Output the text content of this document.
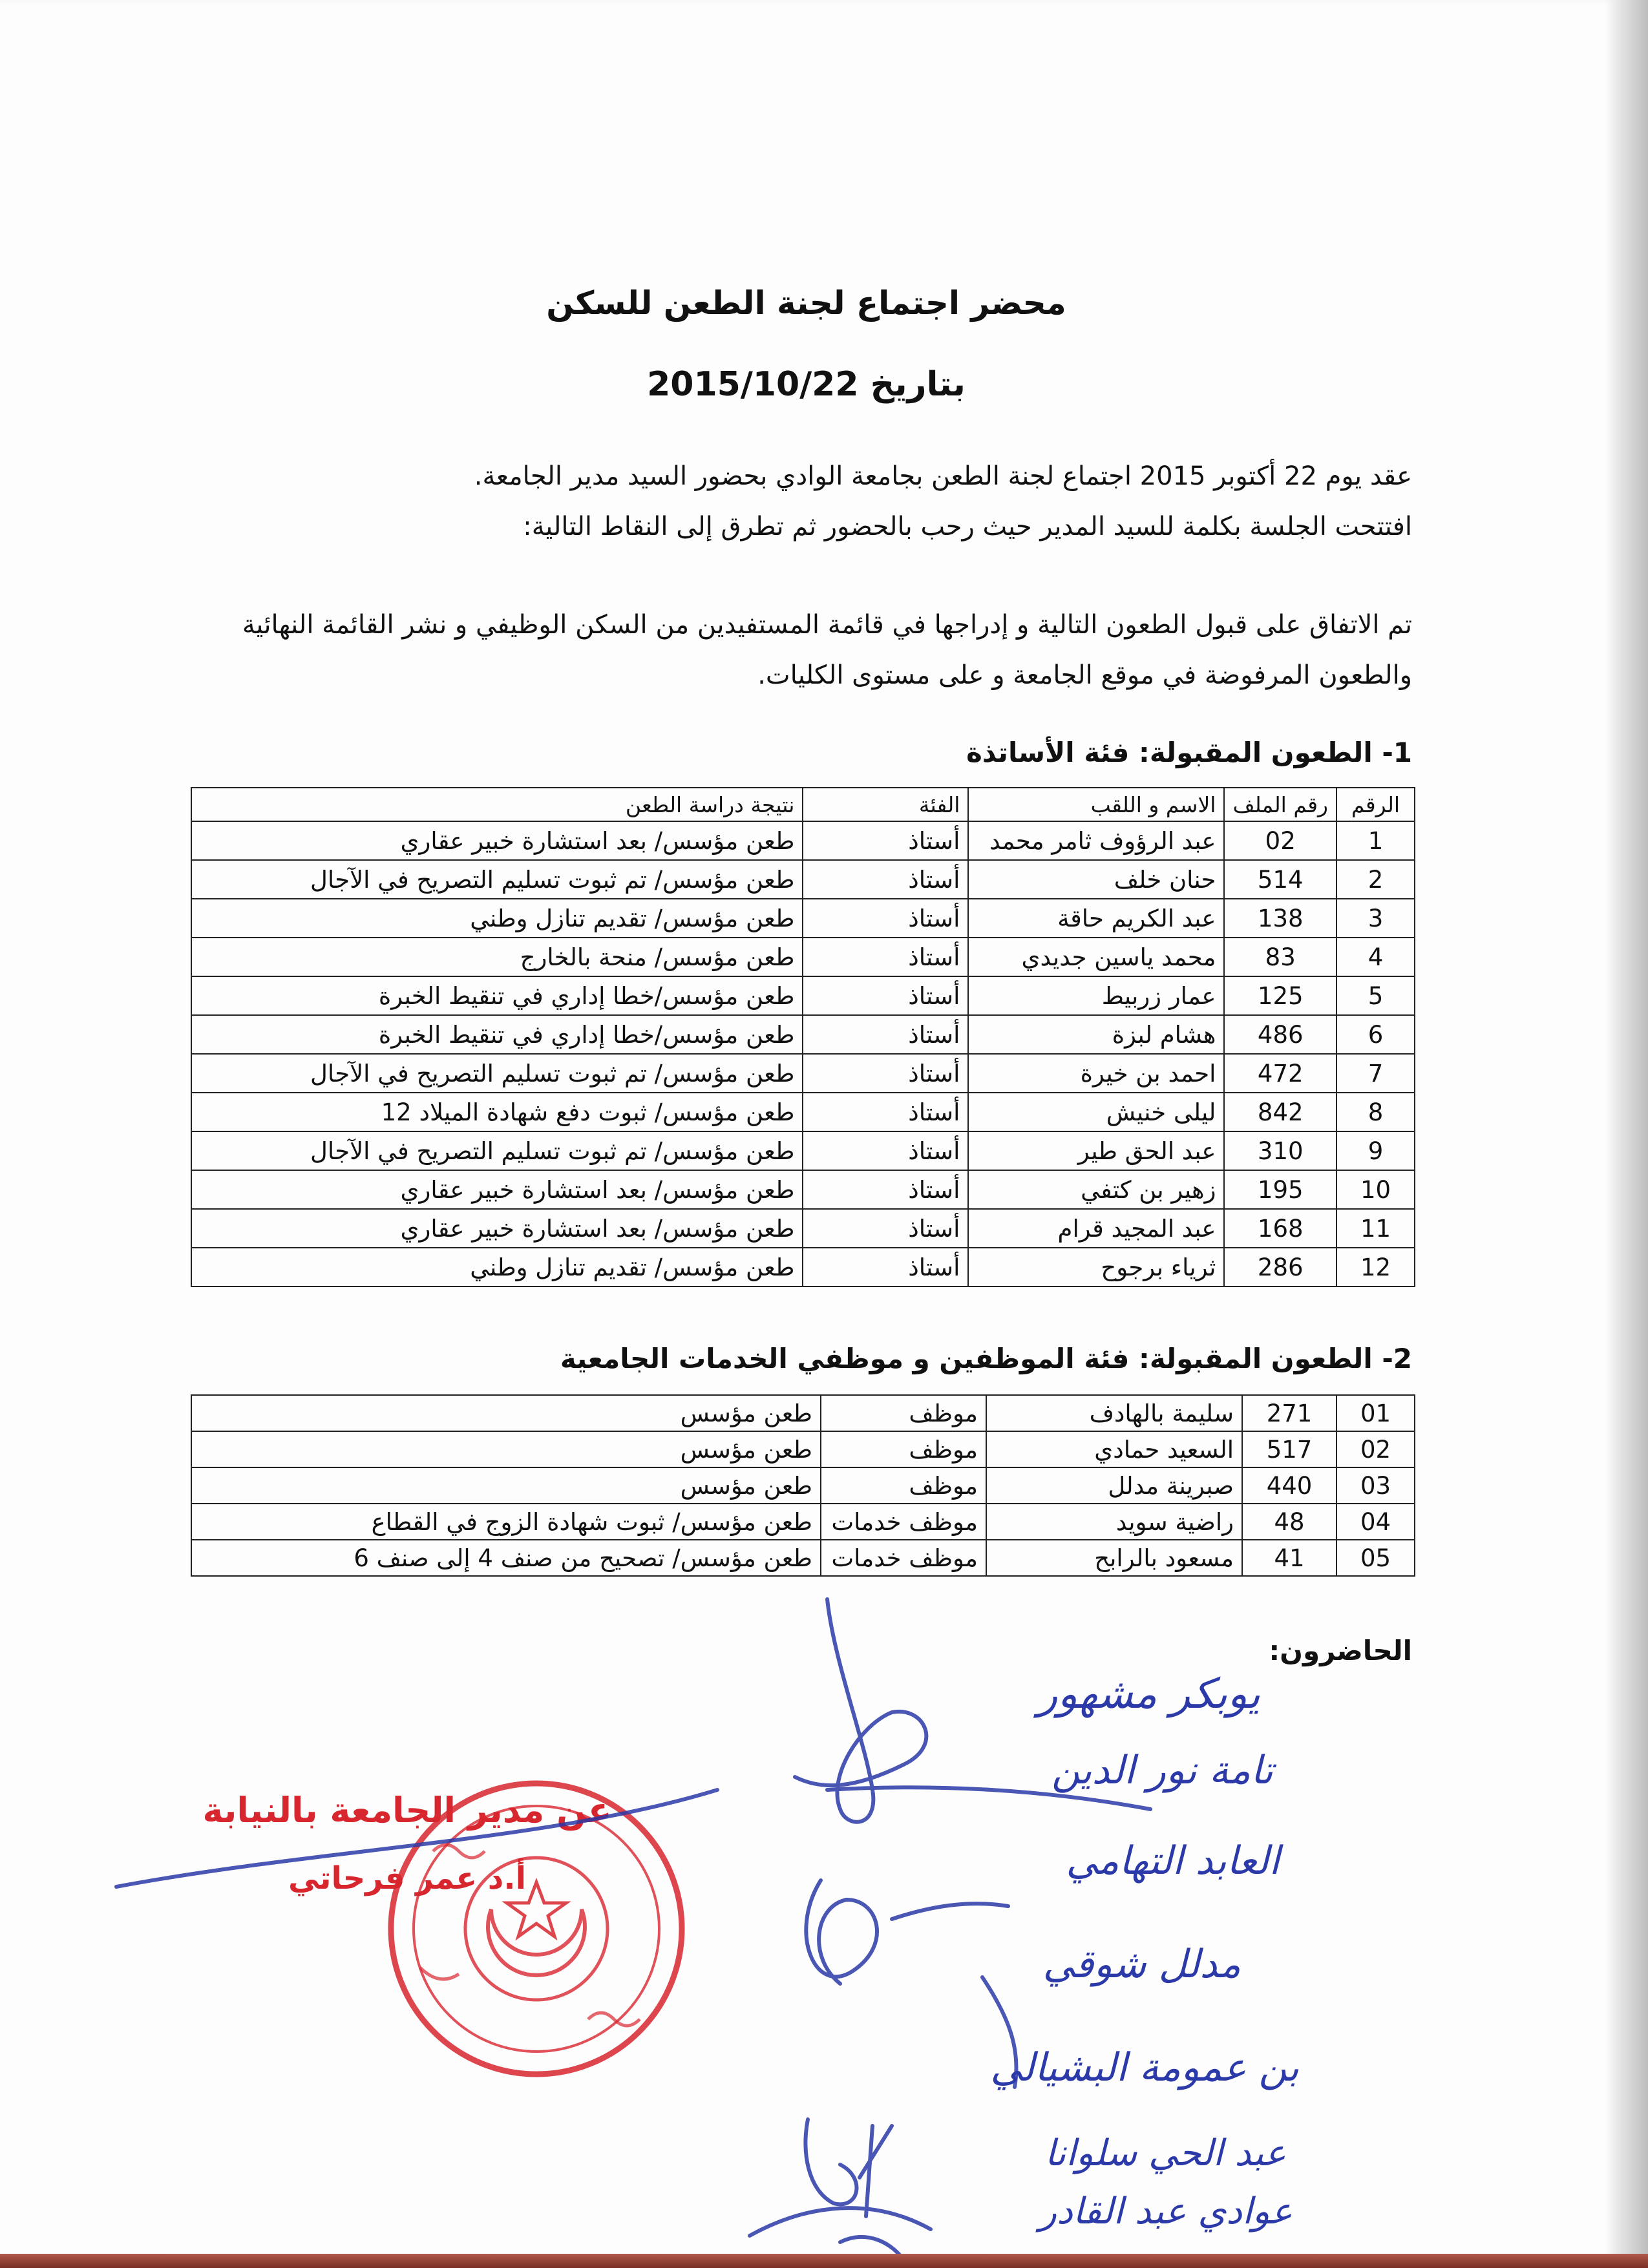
محضر اجتماع لجنة الطعن للسكن
بتاريخ 2015/10/22
عقد يوم 22 أكتوبر 2015 اجتماع لجنة الطعن بجامعة الوادي بحضور السيد مدير الجامعة.
افتتحت الجلسة بكلمة للسيد المدير حيث رحب بالحضور ثم تطرق إلى النقاط التالية:
تم الاتفاق على قبول الطعون التالية و إدراجها في قائمة المستفيدين من السكن الوظيفي و نشر القائمة النهائية
والطعون المرفوضة في موقع الجامعة و على مستوى الكليات.
1- الطعون المقبولة: فئة الأساتذة
الرقم	رقم الملف	الاسم و اللقب	الفئة	نتيجة دراسة الطعن
1	02	عبد الرؤوف ثامر محمد	أستاذ	طعن مؤسس/ بعد استشارة خبير عقاري
2	514	حنان خلف	أستاذ	طعن مؤسس/ تم ثبوت تسليم التصريح في الآجال
3	138	عبد الكريم حاقة	أستاذ	طعن مؤسس/ تقديم تنازل وطني
4	83	محمد ياسين جديدي	أستاذ	طعن مؤسس/ منحة بالخارج
5	125	عمار زربيط	أستاذ	طعن مؤسس/خطا إداري في تنقيط الخبرة
6	486	هشام لبزة	أستاذ	طعن مؤسس/خطا إداري في تنقيط الخبرة
7	472	احمد بن خيرة	أستاذ	طعن مؤسس/ تم ثبوت تسليم التصريح في الآجال
8	842	ليلى خنيش	أستاذ	طعن مؤسس/ ثبوت دفع شهادة الميلاد 12
9	310	عبد الحق طير	أستاذ	طعن مؤسس/ تم ثبوت تسليم التصريح في الآجال
10	195	زهير بن كتفي	أستاذ	طعن مؤسس/ بعد استشارة خبير عقاري
11	168	عبد المجيد قرام	أستاذ	طعن مؤسس/ بعد استشارة خبير عقاري
12	286	ثرياء برجوح	أستاذ	طعن مؤسس/ تقديم تنازل وطني
2- الطعون المقبولة: فئة الموظفين و موظفي الخدمات الجامعية
01	271	سليمة بالهادف	موظف	طعن مؤسس
02	517	السعيد حمادي	موظف	طعن مؤسس
03	440	صبرينة مدلل	موظف	طعن مؤسس
04	48	راضية سويد	موظف خدمات	طعن مؤسس/ ثبوت شهادة الزوج في القطاع
05	41	مسعود بالرابح	موظف خدمات	طعن مؤسس/ تصحيح من صنف 4 إلى صنف 6
الحاضرون:
يوبكر مشهور
تامة نور الدين
العابد التهامي
مدلل شوقي
بن عمومة البشيالي
عبد الحي سلوانا
عوادي عبد القادر
عن مدير الجامعة بالنيابة
أ.د عمر فرحاتي
